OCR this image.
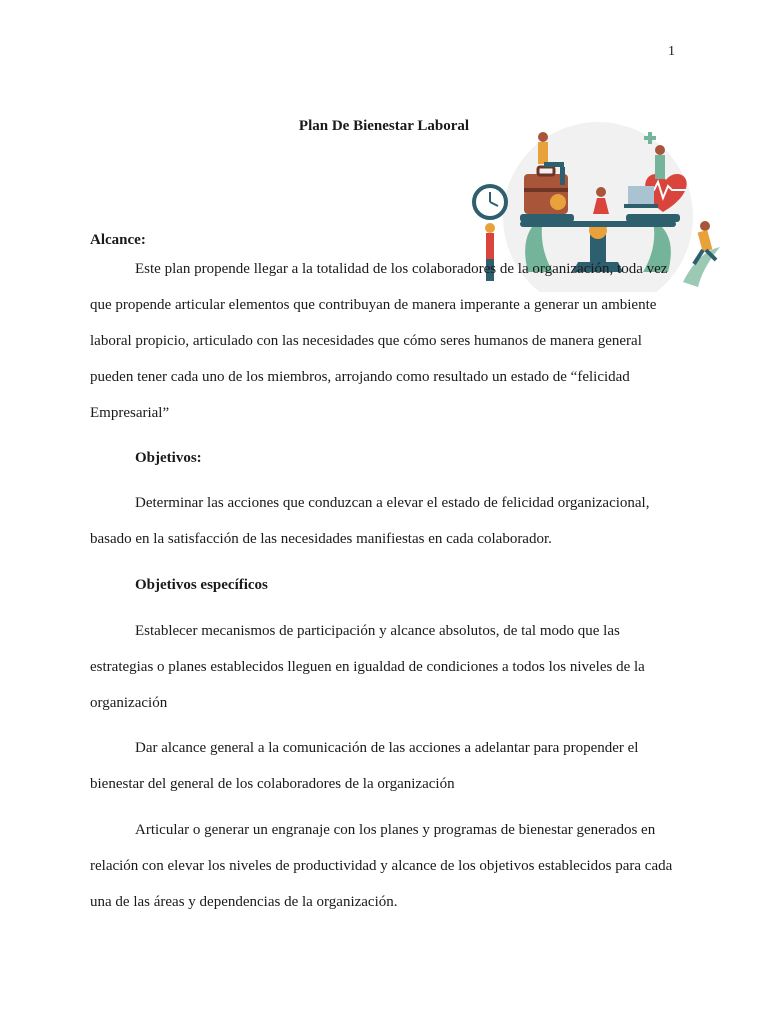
1
Plan De Bienestar Laboral
Alcance:
Este plan propende llegar a la totalidad de los colaboradores de la organización, toda vez que propende articular elementos que contribuyan de manera imperante a generar un ambiente laboral propicio, articulado con las necesidades que cómo seres humanos de manera general pueden tener cada uno de los miembros, arrojando como resultado un estado de “felicidad Empresarial”
Objetivos:
Determinar las acciones que conduzcan a elevar el estado de felicidad organizacional, basado en la satisfacción de las necesidades manifiestas en cada colaborador.
Objetivos específicos
Establecer mecanismos de participación y alcance absolutos, de tal modo que las estrategias o planes establecidos lleguen en igualdad de condiciones a todos los niveles de la organización
Dar alcance general a la comunicación de las acciones a adelantar para propender el bienestar del general de los colaboradores de la organización
Articular o generar un engranaje con los planes y programas de bienestar generados en relación con elevar los niveles de productividad y alcance de los objetivos establecidos para cada una de las áreas y dependencias de la organización.
